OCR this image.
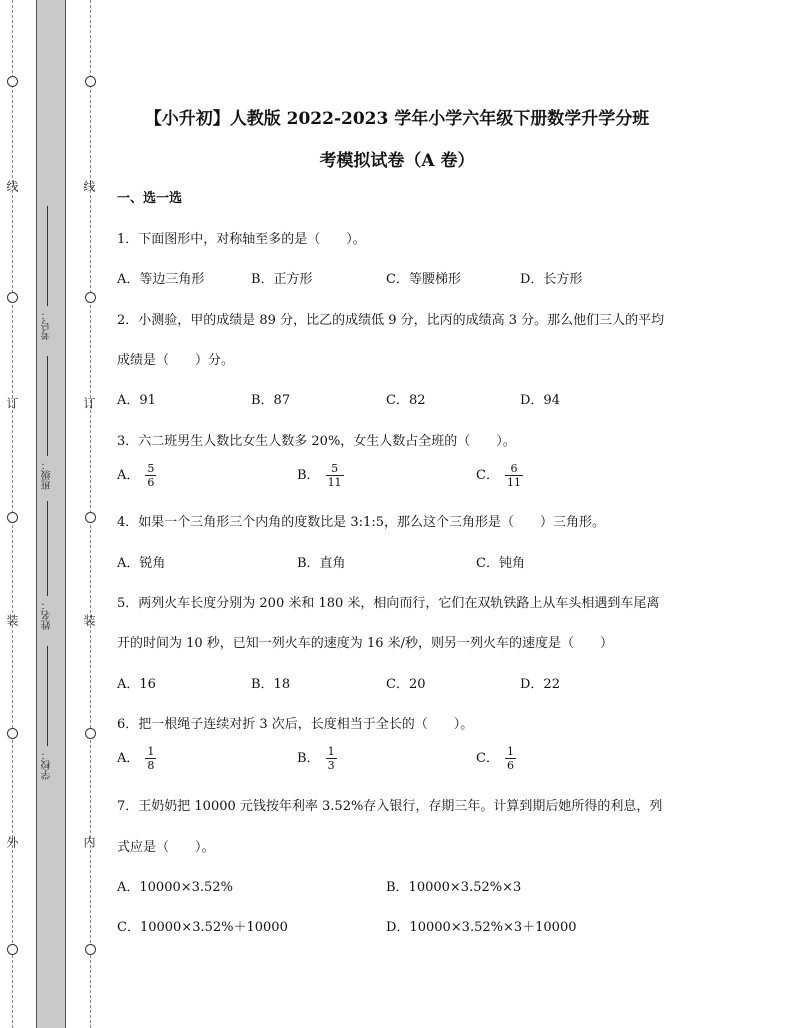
线
订
装
外
线
订
装
内
考号：
班级：
姓名：
学校：
【小升初】人教版 2022-2023 学年小学六年级下册数学升学分班
考模拟试卷（A 卷）
一、选一选
1．下面图形中，对称轴至多的是（　　）。
A．等边三角形	B．正方形	C．等腰梯形	D．长方形
2．小测验，甲的成绩是 89 分，比乙的成绩低 9 分，比丙的成绩高 3 分。那么他们三人的平均
成绩是（　　）分。
A．91	B．87	C．82	D．94
3．六二班男生人数比女生人数多 20%，女生人数占全班的（　　）。
A． $\frac{5}{6}$	B． $\frac{5}{11}$	C． $\frac{6}{11}$
4．如果一个三角形三个内角的度数比是 3:1:5，那么这个三角形是（　　）三角形。
A．锐角	B．直角	C．钝角
5．两列火车长度分别为 200 米和 180 米，相向而行，它们在双轨铁路上从车头相遇到车尾离
开的时间为 10 秒，已知一列火车的速度为 16 米/秒，则另一列火车的速度是（　　）
A．16	B．18	C．20	D．22
6．把一根绳子连续对折 3 次后，长度相当于全长的（　　）。
A． $\frac{1}{8}$	B． $\frac{1}{3}$	C． $\frac{1}{6}$
7．王奶奶把 10000 元钱按年利率 3.52%存入银行，存期三年。计算到期后她所得的利息，列
式应是（　　）。
A．10000×3.52%	B．10000×3.52%×3
C．10000×3.52%＋10000	D．10000×3.52%×3＋10000
